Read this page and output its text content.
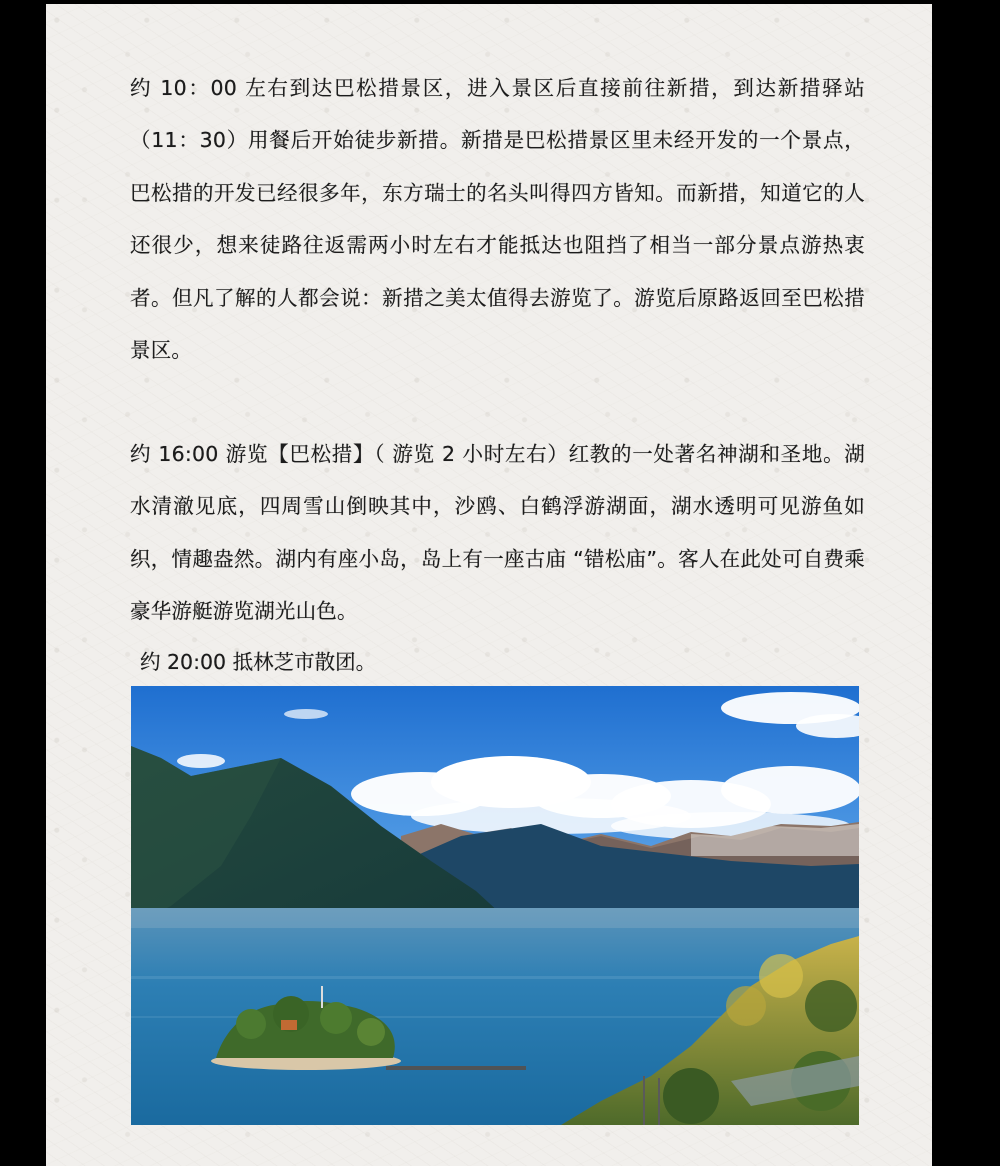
约 10：00 左右到达巴松措景区，进入景区后直接前往新措，到达新措驿站（11：30）用餐后开始徒步新措。新措是巴松措景区里未经开发的一个景点，巴松措的开发已经很多年，东方瑞士的名头叫得四方皆知。而新措，知道它的人还很少，想来徒路往返需两小时左右才能抵达也阻挡了相当一部分景点游热衷者。但凡了解的人都会说：新措之美太值得去游览了。游览后原路返回至巴松措景区。

约 16:00 游览【巴松措】（ 游览 2 小时左右）红教的一处著名神湖和圣地。湖水清澈见底，四周雪山倒映其中，沙鸥、白鹤浮游湖面，湖水透明可见游鱼如织，情趣盎然。湖内有座小岛，岛上有一座古庙 “错松庙”。客人在此处可自费乘豪华游艇游览湖光山色。

约 20:00 抵林芝市散团。
